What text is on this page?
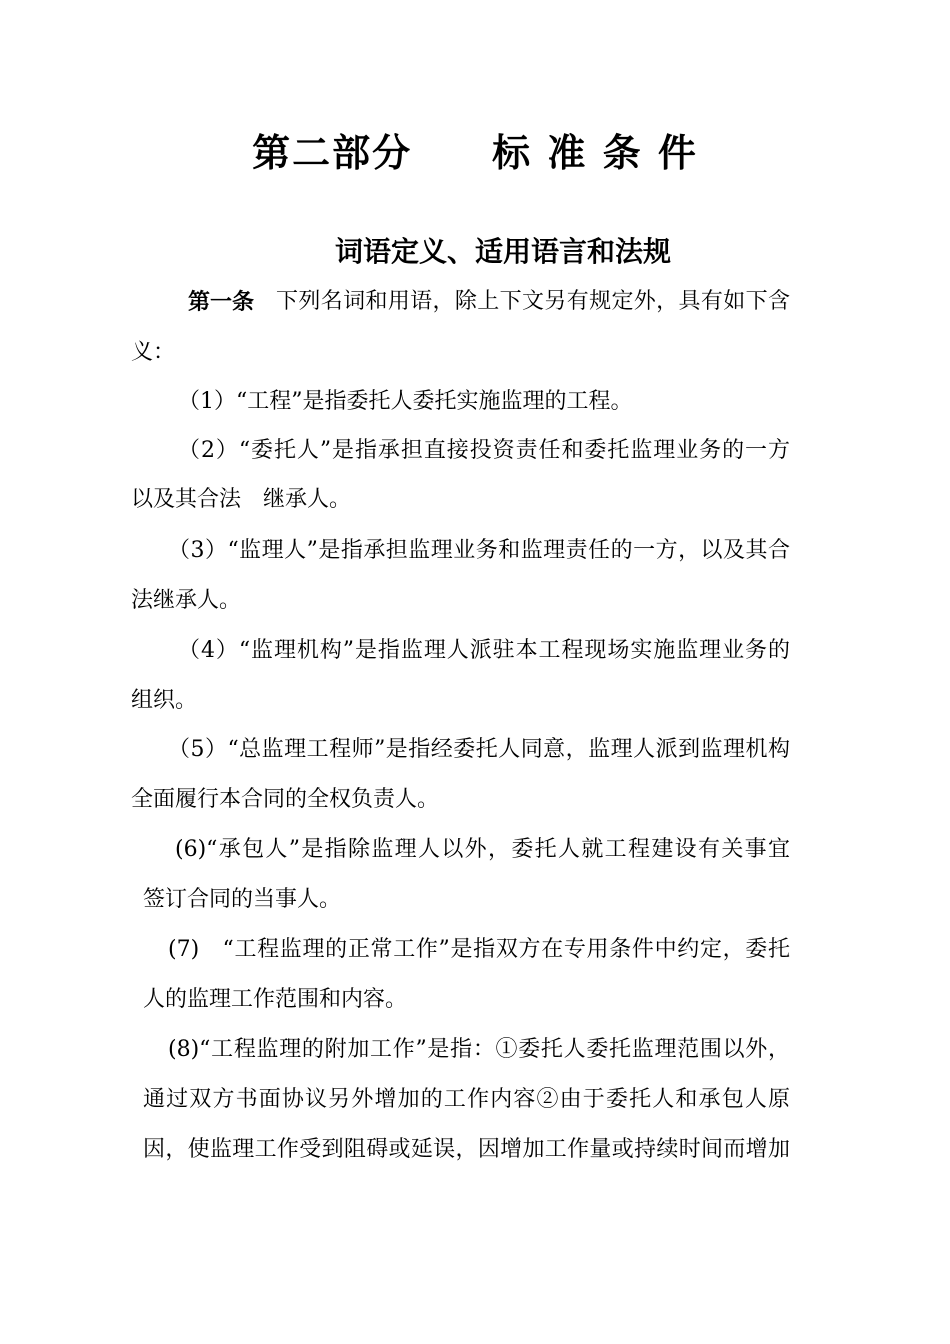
第二部分　　标 准 条 件
词语定义、适用语言和法规
第一条 下列名词和用语，除上下文另有规定外，具有如下含
义：
（1）“工程”是指委托人委托实施监理的工程。
（2）“委托人”是指承担直接投资责任和委托监理业务的一方
以及其合法　继承人。
（3）“监理人”是指承担监理业务和监理责任的一方，以及其合
法继承人。
（4）“监理机构”是指监理人派驻本工程现场实施监理业务的
组织。
（5）“总监理工程师”是指经委托人同意，监理人派到监理机构
全面履行本合同的全权负责人。
(6)“承包人”是指除监理人以外，委托人就工程建设有关事宜
签订合同的当事人。
(7)　“工程监理的正常工作”是指双方在专用条件中约定，委托
人的监理工作范围和内容。
(8)“工程监理的附加工作”是指：①委托人委托监理范围以外，
通过双方书面协议另外增加的工作内容②由于委托人和承包人原
因，使监理工作受到阻碍或延误，因增加工作量或持续时间而增加
